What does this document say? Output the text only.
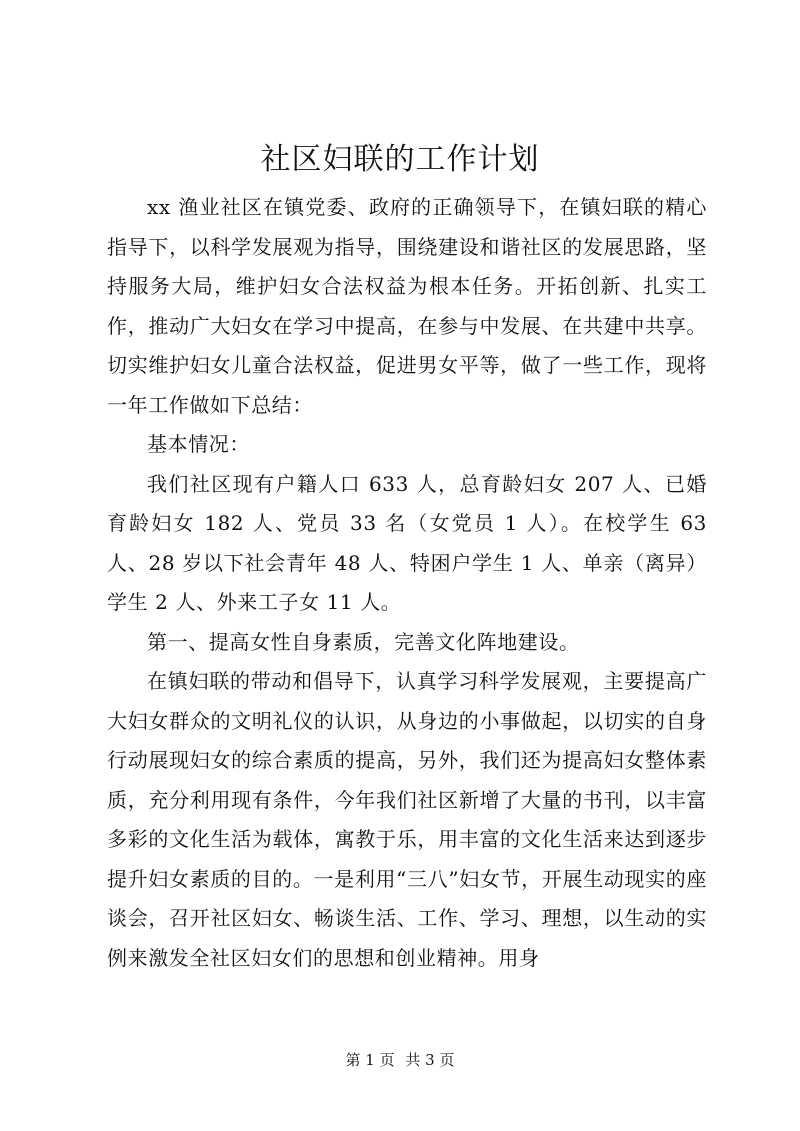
社区妇联的工作计划

xx 渔业社区在镇党委、政府的正确领导下，在镇妇联的精心指导下，以科学发展观为指导，围绕建设和谐社区的发展思路，坚持服务大局，维护妇女合法权益为根本任务。开拓创新、扎实工作，推动广大妇女在学习中提高，在参与中发展、在共建中共享。切实维护妇女儿童合法权益，促进男女平等，做了一些工作，现将一年工作做如下总结：

基本情况：

我们社区现有户籍人口 633 人，总育龄妇女 207 人、已婚育龄妇女 182 人、党员 33 名（女党员 1 人）。在校学生 63 人、28 岁以下社会青年 48 人、特困户学生 1 人、单亲（离异）学生 2 人、外来工子女 11 人。

第一、提高女性自身素质，完善文化阵地建设。

在镇妇联的带动和倡导下，认真学习科学发展观，主要提高广大妇女群众的文明礼仪的认识，从身边的小事做起，以切实的自身行动展现妇女的综合素质的提高，另外，我们还为提高妇女整体素质，充分利用现有条件，今年我们社区新增了大量的书刊，以丰富多彩的文化生活为载体，寓教于乐，用丰富的文化生活来达到逐步提升妇女素质的目的。一是利用“三八”妇女节，开展生动现实的座谈会，召开社区妇女、畅谈生活、工作、学习、理想，以生动的实例来激发全社区妇女们的思想和创业精神。用身

第 1 页 共 3 页
